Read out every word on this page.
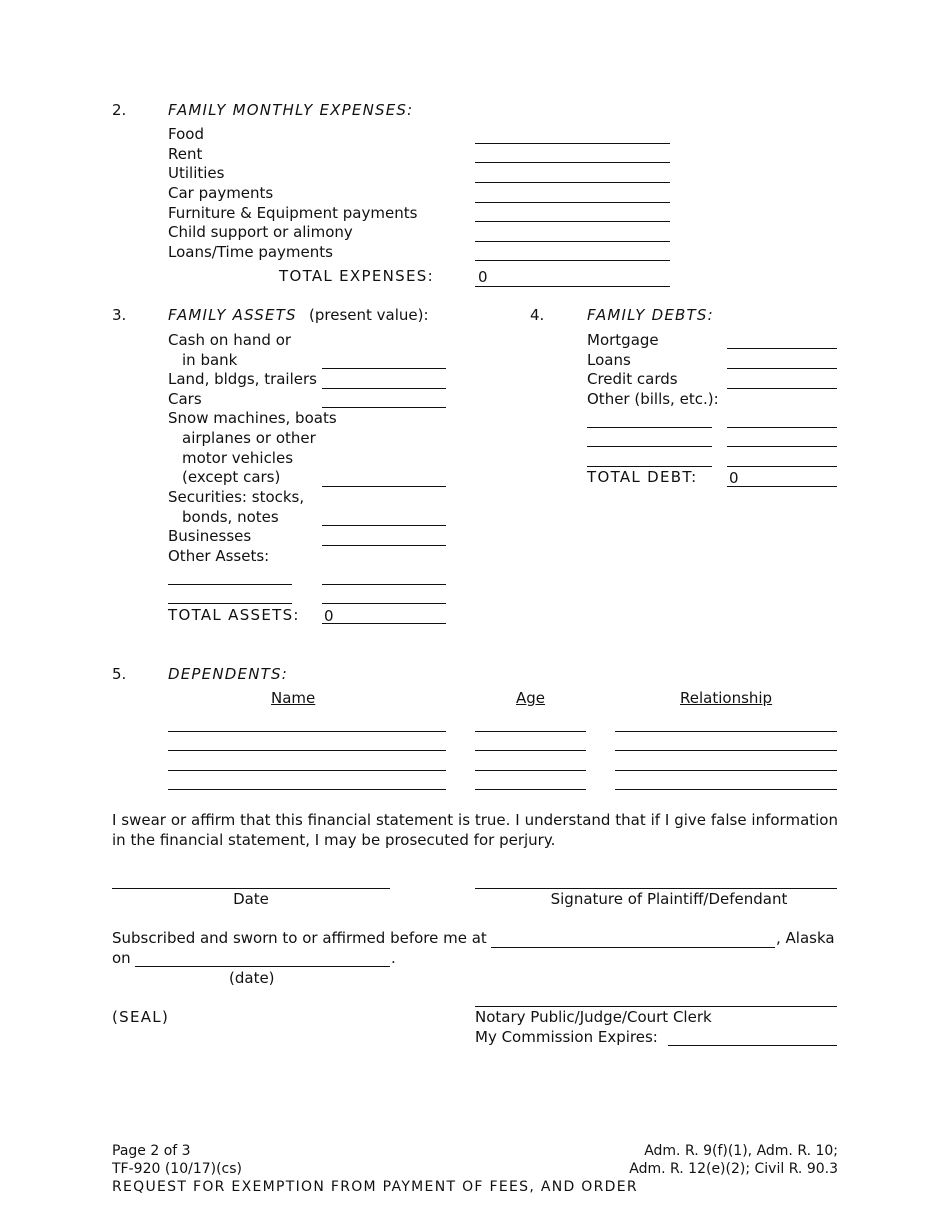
2.	FAMILY MONTHLY EXPENSES:
Food
Rent
Utilities
Car payments
Furniture & Equipment payments
Child support or alimony
Loans/Time payments
TOTAL EXPENSES:	0
3.	FAMILY ASSETS (present value):
Cash on hand or
in bank
Land, bldgs, trailers
Cars
Snow machines, boats
airplanes or other
motor vehicles
(except cars)
Securities: stocks,
bonds, notes
Businesses
Other Assets:
TOTAL ASSETS: 0
4.	FAMILY DEBTS:
Mortgage
Loans
Credit cards
Other (bills, etc.):
TOTAL DEBT: 0
5.	DEPENDENTS:
Name	Age	Relationship
I swear or affirm that this financial statement is true. I understand that if I give false information
in the financial statement, I may be prosecuted for perjury.
Date	Signature of Plaintiff/Defendant
Subscribed and sworn to or affirmed before me at	, Alaska
on	.
(date)
(SEAL)	Notary Public/Judge/Court Clerk
My Commission Expires:
Page 2 of 3
TF-920 (10/17)(cs)
REQUEST FOR EXEMPTION FROM PAYMENT OF FEES, AND ORDER
Adm. R. 9(f)(1), Adm. R. 10;
Adm. R. 12(e)(2); Civil R. 90.3
